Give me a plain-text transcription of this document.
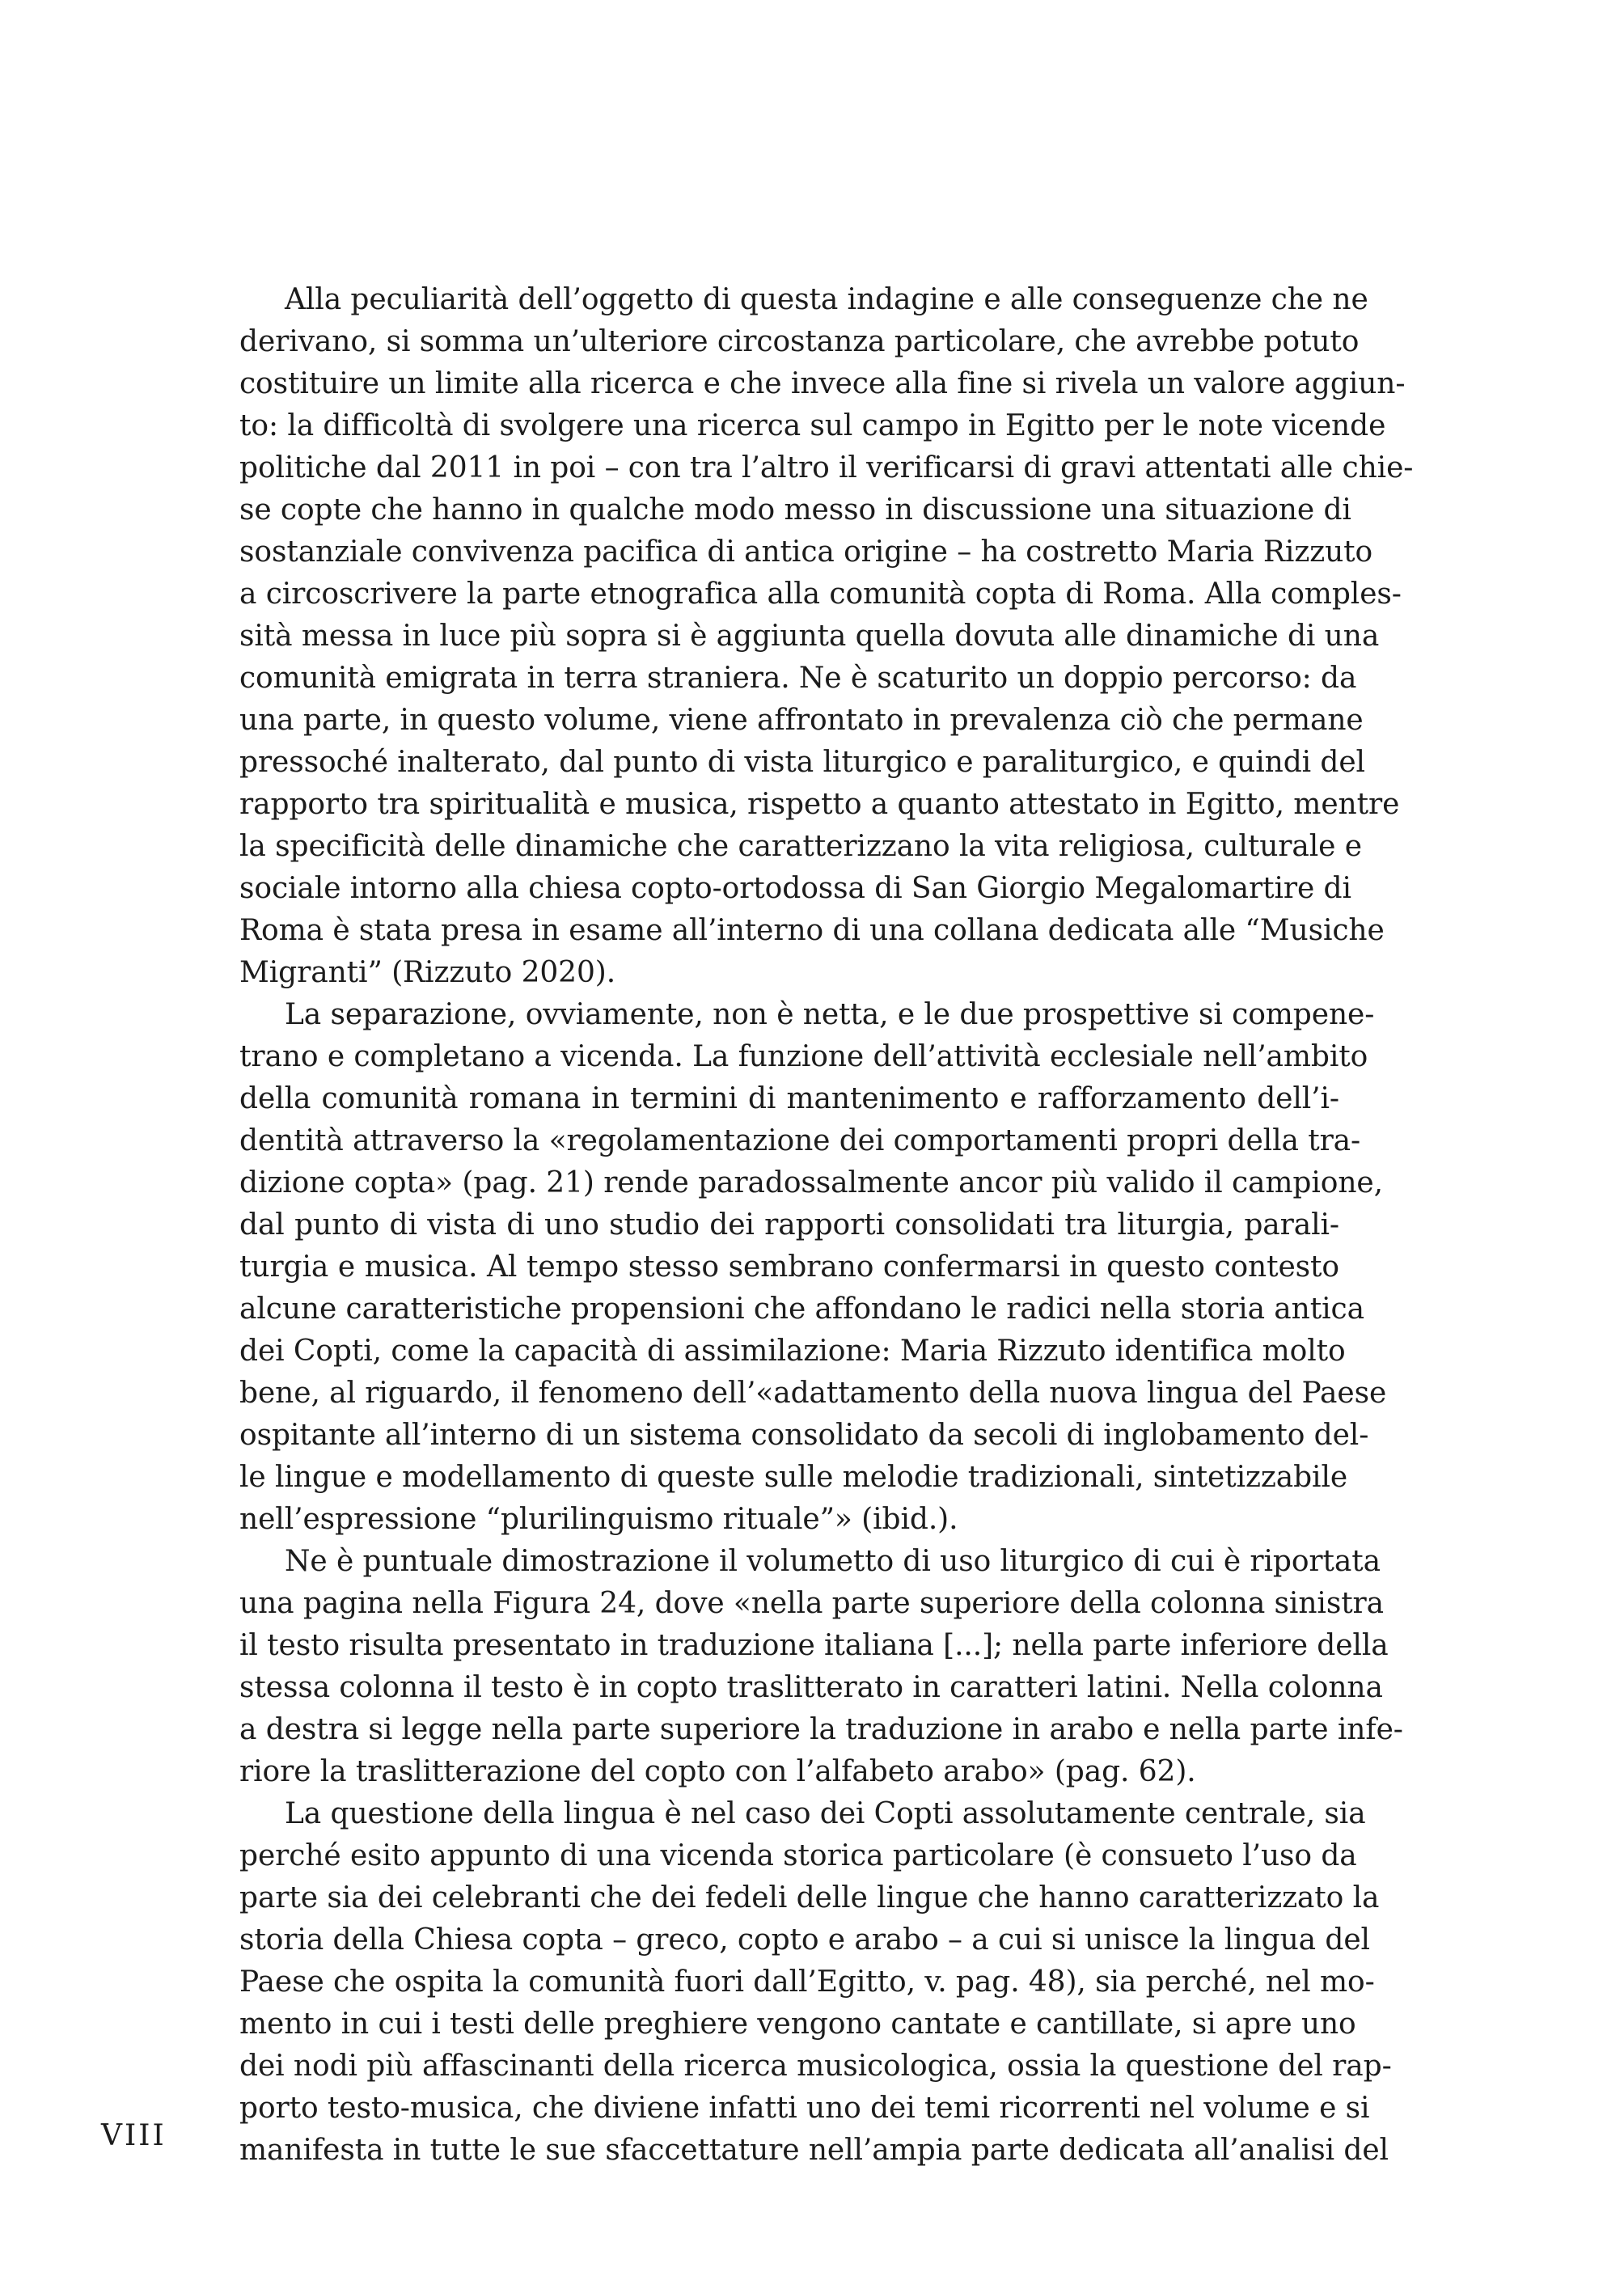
Alla peculiarità dell’oggetto di questa indagine e alle conseguenze che ne
derivano, si somma un’ulteriore circostanza particolare, che avrebbe potuto
costituire un limite alla ricerca e che invece alla fine si rivela un valore aggiun-
to: la difficoltà di svolgere una ricerca sul campo in Egitto per le note vicende
politiche dal 2011 in poi – con tra l’altro il verificarsi di gravi attentati alle chie-
se copte che hanno in qualche modo messo in discussione una situazione di
sostanziale convivenza pacifica di antica origine – ha costretto Maria Rizzuto
a circoscrivere la parte etnografica alla comunità copta di Roma. Alla comples-
sità messa in luce più sopra si è aggiunta quella dovuta alle dinamiche di una
comunità emigrata in terra straniera. Ne è scaturito un doppio percorso: da
una parte, in questo volume, viene affrontato in prevalenza ciò che permane
pressoché inalterato, dal punto di vista liturgico e paraliturgico, e quindi del
rapporto tra spiritualità e musica, rispetto a quanto attestato in Egitto, mentre
la specificità delle dinamiche che caratterizzano la vita religiosa, culturale e
sociale intorno alla chiesa copto-ortodossa di San Giorgio Megalomartire di
Roma è stata presa in esame all’interno di una collana dedicata alle “Musiche
Migranti” (Rizzuto 2020).
La separazione, ovviamente, non è netta, e le due prospettive si compene-
trano e completano a vicenda. La funzione dell’attività ecclesiale nell’ambito
della comunità romana in termini di mantenimento e rafforzamento dell’i-
dentità attraverso la «regolamentazione dei comportamenti propri della tra-
dizione copta» (pag. 21) rende paradossalmente ancor più valido il campione,
dal punto di vista di uno studio dei rapporti consolidati tra liturgia, parali-
turgia e musica. Al tempo stesso sembrano confermarsi in questo contesto
alcune caratteristiche propensioni che affondano le radici nella storia antica
dei Copti, come la capacità di assimilazione: Maria Rizzuto identifica molto
bene, al riguardo, il fenomeno dell’«adattamento della nuova lingua del Paese
ospitante all’interno di un sistema consolidato da secoli di inglobamento del-
le lingue e modellamento di queste sulle melodie tradizionali, sintetizzabile
nell’espressione “plurilinguismo rituale”» (ibid.).
Ne è puntuale dimostrazione il volumetto di uso liturgico di cui è riportata
una pagina nella Figura 24, dove «nella parte superiore della colonna sinistra
il testo risulta presentato in traduzione italiana [...]; nella parte inferiore della
stessa colonna il testo è in copto traslitterato in caratteri latini. Nella colonna
a destra si legge nella parte superiore la traduzione in arabo e nella parte infe-
riore la traslitterazione del copto con l’alfabeto arabo» (pag. 62).
La questione della lingua è nel caso dei Copti assolutamente centrale, sia
perché esito appunto di una vicenda storica particolare (è consueto l’uso da
parte sia dei celebranti che dei fedeli delle lingue che hanno caratterizzato la
storia della Chiesa copta – greco, copto e arabo – a cui si unisce la lingua del
Paese che ospita la comunità fuori dall’Egitto, v. pag. 48), sia perché, nel mo-
mento in cui i testi delle preghiere vengono cantate e cantillate, si apre uno
dei nodi più affascinanti della ricerca musicologica, ossia la questione del rap-
porto testo-musica, che diviene infatti uno dei temi ricorrenti nel volume e si
manifesta in tutte le sue sfaccettature nell’ampia parte dedicata all’analisi del
VIII
